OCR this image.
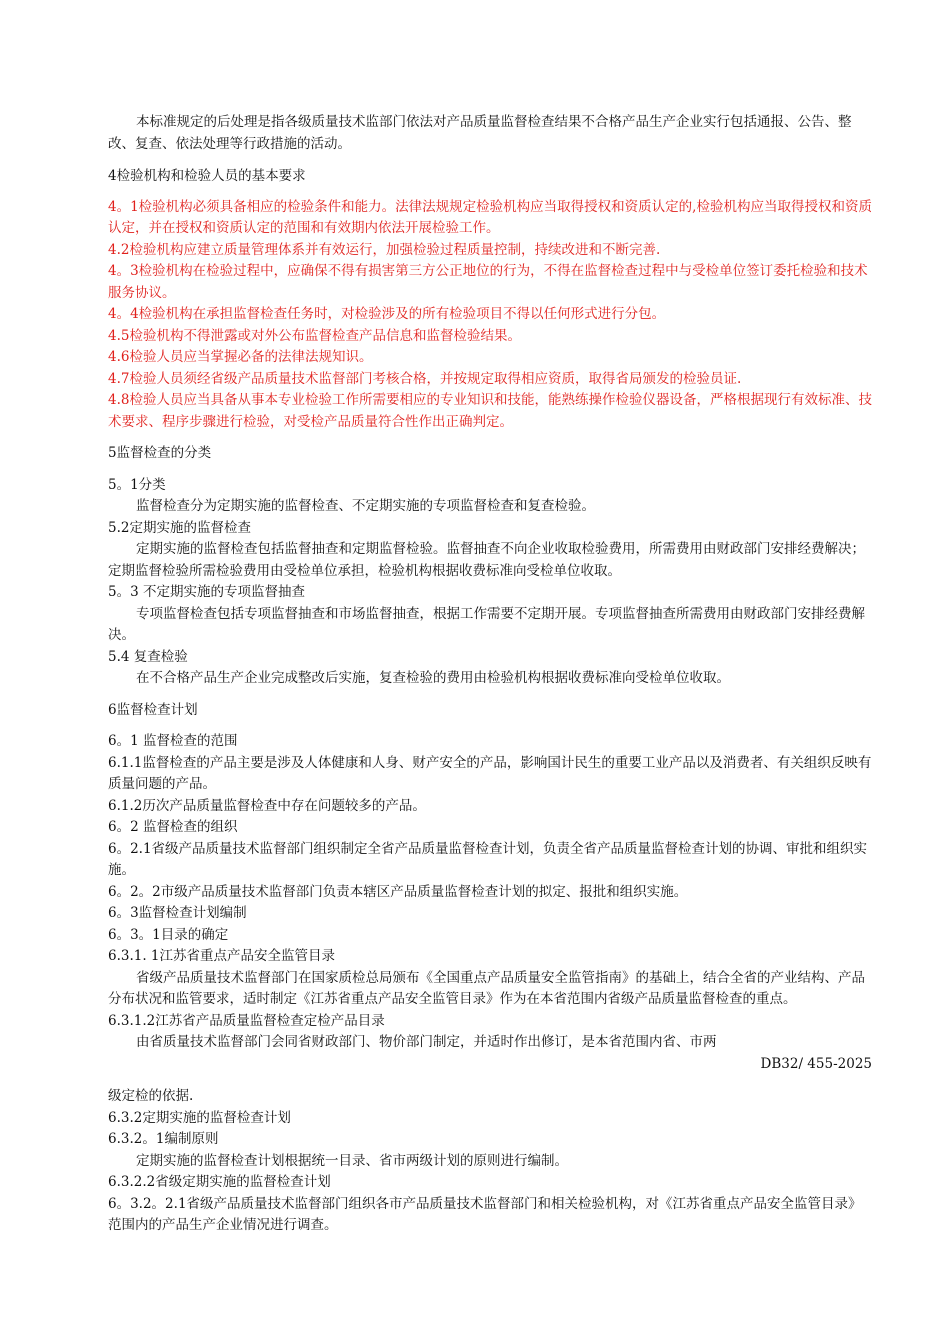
本标准规定的后处理是指各级质量技术监部门依法对产品质量监督检查结果不合格产品生产企业实行包括通报、公告、整改、复查、依法处理等行政措施的活动。

4检验机构和检验人员的基本要求

4。1检验机构必须具备相应的检验条件和能力。法律法规规定检验机构应当取得授权和资质认定的,检验机构应当取得授权和资质认定，并在授权和资质认定的范围和有效期内依法开展检验工作。

4.2检验机构应建立质量管理体系并有效运行，加强检验过程质量控制，持续改进和不断完善.

4。3检验机构在检验过程中，应确保不得有损害第三方公正地位的行为，不得在监督检查过程中与受检单位签订委托检验和技术服务协议。

4。4检验机构在承担监督检查任务时，对检验涉及的所有检验项目不得以任何形式进行分包。

4.5检验机构不得泄露或对外公布监督检查产品信息和监督检验结果。

4.6检验人员应当掌握必备的法律法规知识。

4.7检验人员须经省级产品质量技术监督部门考核合格，并按规定取得相应资质，取得省局颁发的检验员证.

4.8检验人员应当具备从事本专业检验工作所需要相应的专业知识和技能，能熟练操作检验仪器设备，严格根据现行有效标准、技术要求、程序步骤进行检验，对受检产品质量符合性作出正确判定。

5监督检查的分类

5。1分类

监督检查分为定期实施的监督检查、不定期实施的专项监督检查和复查检验。

5.2定期实施的监督检查

定期实施的监督检查包括监督抽查和定期监督检验。监督抽查不向企业收取检验费用，所需费用由财政部门安排经费解决；定期监督检验所需检验费用由受检单位承担，检验机构根据收费标准向受检单位收取。

5。3 不定期实施的专项监督抽查

专项监督检查包括专项监督抽查和市场监督抽查，根据工作需要不定期开展。专项监督抽查所需费用由财政部门安排经费解决。

5.4 复查检验

在不合格产品生产企业完成整改后实施，复查检验的费用由检验机构根据收费标准向受检单位收取。

6监督检查计划

6。1 监督检查的范围

6.1.1监督检查的产品主要是涉及人体健康和人身、财产安全的产品，影响国计民生的重要工业产品以及消费者、有关组织反映有质量问题的产品。

6.1.2历次产品质量监督检查中存在问题较多的产品。

6。2 监督检查的组织

6。2.1省级产品质量技术监督部门组织制定全省产品质量监督检查计划，负责全省产品质量监督检查计划的协调、审批和组织实施。

6。2。2市级产品质量技术监督部门负责本辖区产品质量监督检查计划的拟定、报批和组织实施。

6。3监督检查计划编制

6。3。1目录的确定

6.3.1. 1江苏省重点产品安全监管目录

省级产品质量技术监督部门在国家质检总局颁布《全国重点产品质量安全监管指南》的基础上，结合全省的产业结构、产品分布状况和监管要求，适时制定《江苏省重点产品安全监管目录》作为在本省范围内省级产品质量监督检查的重点。

6.3.1.2江苏省产品质量监督检查定检产品目录

由省质量技术监督部门会同省财政部门、物价部门制定，并适时作出修订，是本省范围内省、市两

DB32/ 455-2025

级定检的依据.

6.3.2定期实施的监督检查计划

6.3.2。1编制原则

定期实施的监督检查计划根据统一目录、省市两级计划的原则进行编制。

6.3.2.2省级定期实施的监督检查计划

6。3.2。2.1省级产品质量技术监督部门组织各市产品质量技术监督部门和相关检验机构，对《江苏省重点产品安全监管目录》范围内的产品生产企业情况进行调查。
